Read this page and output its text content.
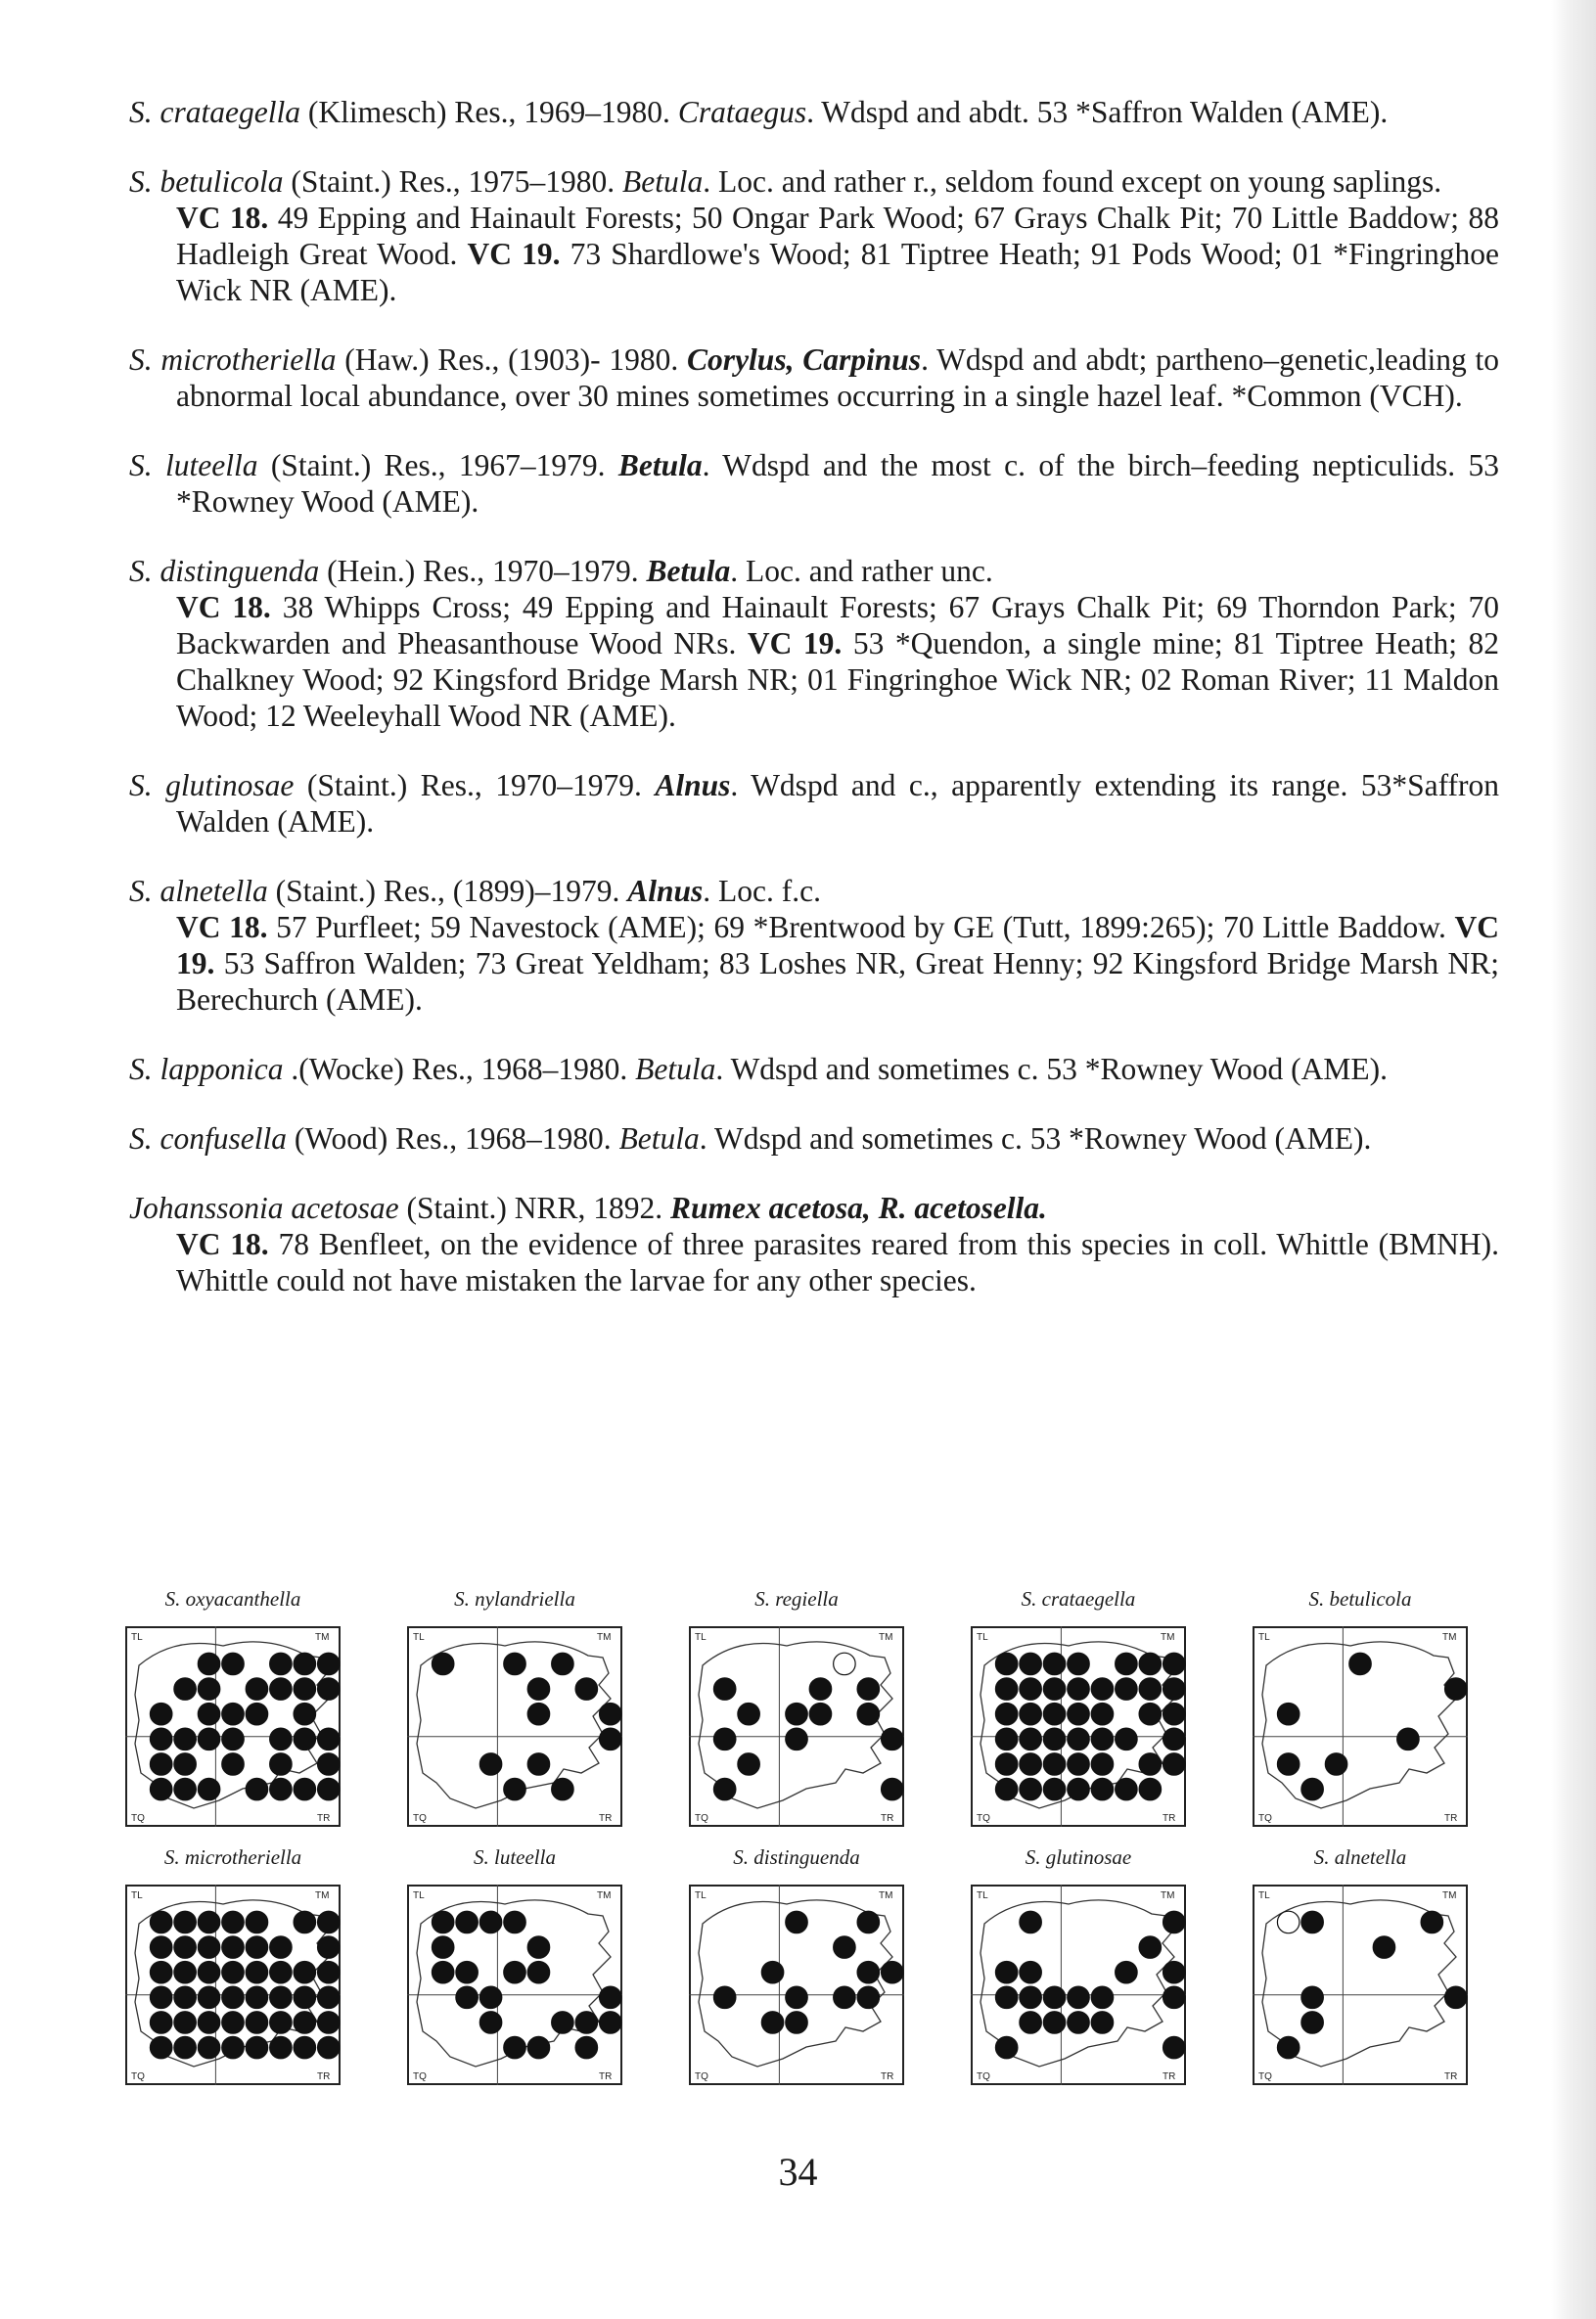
S. crataegella (Klimesch) Res., 1969–1980. Crataegus. Wdspd and abdt. 53 *Saffron Walden (AME).

S. betulicola (Staint.) Res., 1975–1980. Betula. Loc. and rather r., seldom found except on young saplings.
VC 18. 49 Epping and Hainault Forests; 50 Ongar Park Wood; 67 Grays Chalk Pit; 70 Little Baddow; 88 Hadleigh Great Wood. VC 19. 73 Shardlowe's Wood; 81 Tiptree Heath; 91 Pods Wood; 01 *Fingringhoe Wick NR (AME).

S. microtheriella (Haw.) Res., (1903)- 1980. Corylus, Carpinus. Wdspd and abdt; partheno–genetic,leading to abnormal local abundance, over 30 mines sometimes occurring in a single hazel leaf. *Common (VCH).

S. luteella (Staint.) Res., 1967–1979. Betula. Wdspd and the most c. of the birch–feeding nepticulids. 53 *Rowney Wood (AME).

S. distinguenda (Hein.) Res., 1970–1979. Betula. Loc. and rather unc.
VC 18. 38 Whipps Cross; 49 Epping and Hainault Forests; 67 Grays Chalk Pit; 69 Thorndon Park; 70 Backwarden and Pheasanthouse Wood NRs. VC 19. 53 *Quendon, a single mine; 81 Tiptree Heath; 82 Chalkney Wood; 92 Kingsford Bridge Marsh NR; 01 Fingringhoe Wick NR; 02 Roman River; 11 Maldon Wood; 12 Weeleyhall Wood NR (AME).

S. glutinosae (Staint.) Res., 1970–1979. Alnus. Wdspd and c., apparently extending its range. 53*Saffron Walden (AME).

S. alnetella (Staint.) Res., (1899)–1979. Alnus. Loc. f.c.
VC 18. 57 Purfleet; 59 Navestock (AME); 69 *Brentwood by GE (Tutt, 1899:265); 70 Little Baddow. VC 19. 53 Saffron Walden; 73 Great Yeldham; 83 Loshes NR, Great Henny; 92 Kingsford Bridge Marsh NR; Berechurch (AME).

S. lapponica .(Wocke) Res., 1968–1980. Betula. Wdspd and sometimes c. 53 *Rowney Wood (AME).

S. confusella (Wood) Res., 1968–1980. Betula. Wdspd and sometimes c. 53 *Rowney Wood (AME).

Johanssonia acetosae (Staint.) NRR, 1892. Rumex acetosa, R. acetosella.
VC 18. 78 Benfleet, on the evidence of three parasites reared from this species in coll. Whittle (BMNH). Whittle could not have mistaken the larvae for any other species.

S. oxyacanthella
TL	TM
TQ	TR
S. nylandriella
TL	TM
TQ	TR
S. regiella
TL	TM
TQ	TR
S. crataegella
TL	TM
TQ	TR
S. betulicola
TL	TM
TQ	TR
S. microtheriella
TL	TM
TQ	TR
S. luteella
TL	TM
TQ	TR
S. distinguenda
TL	TM
TQ	TR
S. glutinosae
TL	TM
TQ	TR
S. alnetella
TL	TM
TQ	TR
34
